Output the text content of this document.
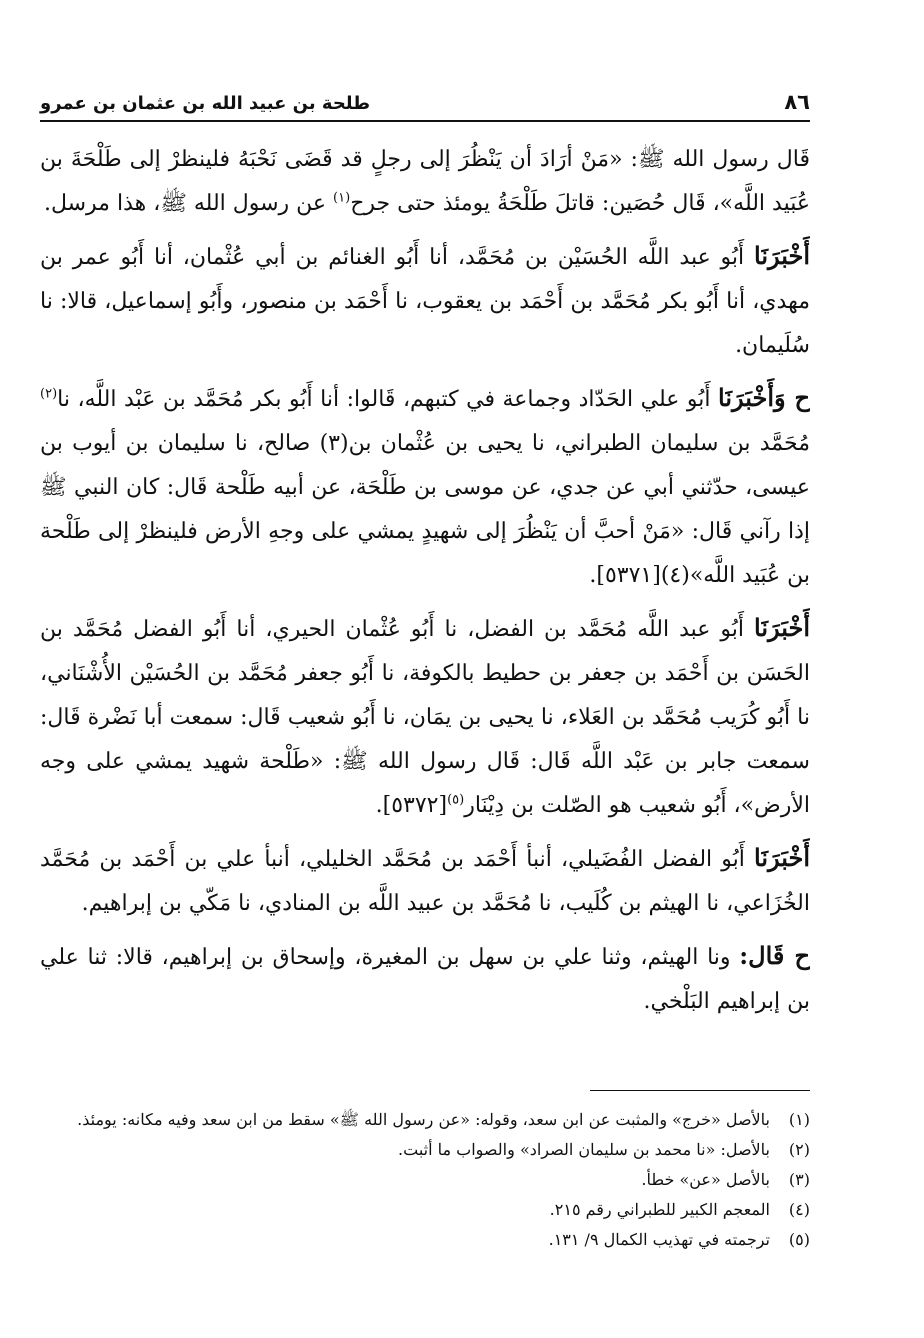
٨٦
طلحة بن عبيد الله بن عثمان بن عمرو

قَال رسول الله ﷺ: «مَنْ أرَادَ أن يَنْظُرَ إلى رجلٍ قد قَضَى نَحْبَهُ فلينظرْ إلى طَلْحَةَ بن عُبَيد اللَّه»، قَال حُصَين: قاتلَ طَلْحَةُ يومئذ حتى جرح$^{(١)}$ عن رسول الله ﷺ، هذا مرسل.

أَخْبَرَنَا أَبُو عبد اللَّه الحُسَيْن بن مُحَمَّد، أنا أَبُو الغنائم بن أبي عُثْمان، أنا أَبُو عمر بن مهدي، أنا أَبُو بكر مُحَمَّد بن أَحْمَد بن يعقوب، نا أَحْمَد بن منصور، وأَبُو إسماعيل، قالا: نا سُلَيمان.

ح وَأَخْبَرَنَا أَبُو علي الحَدّاد وجماعة في كتبهم، قَالوا: أنا أَبُو بكر مُحَمَّد بن عَبْد اللَّه، نا$^{(٢)}$ مُحَمَّد بن سليمان الطبراني، نا يحيى بن عُثْمان بن(٣) صالح، نا سليمان بن أيوب بن عيسى، حدّثني أبي عن جدي، عن موسى بن طَلْحَة، عن أبيه طَلْحة قَال: كان النبي ﷺ إذا رآني قَال: «مَنْ أحبَّ أن يَنْظُرَ إلى شهيدٍ يمشي على وجهِ الأرض فلينظرْ إلى طَلْحة بن عُبَيد اللَّه»(٤)[٥٣٧١].

أَخْبَرَنَا أَبُو عبد اللَّه مُحَمَّد بن الفضل، نا أَبُو عُثْمان الحيري، أنا أَبُو الفضل مُحَمَّد بن الحَسَن بن أَحْمَد بن جعفر بن حطيط بالكوفة، نا أَبُو جعفر مُحَمَّد بن الحُسَيْن الأُشْنَاني، نا أَبُو كُرَيب مُحَمَّد بن العَلاء، نا يحيى بن يمَان، نا أَبُو شعيب قَال: سمعت أبا نَضْرة قَال: سمعت جابر بن عَبْد اللَّه قَال: قَال رسول الله ﷺ: «طَلْحة شهيد يمشي على وجه الأرض»، أَبُو شعيب هو الصّلت بن دِيْنَار$^{(٥)}$[٥٣٧٢].

أَخْبَرَنَا أَبُو الفضل الفُضَيلي، أنبأ أَحْمَد بن مُحَمَّد الخليلي، أنبأ علي بن أَحْمَد بن مُحَمَّد الخُزَاعي، نا الهيثم بن كُلَيب، نا مُحَمَّد بن عبيد اللَّه بن المنادي، نا مَكّي بن إبراهيم.

ح قَال: ونا الهيثم، وثنا علي بن سهل بن المغيرة، وإسحاق بن إبراهيم، قالا: ثنا علي بن إبراهيم البَلْخي.

(١)بالأصل «خرج» والمثبت عن ابن سعد، وقوله: «عن رسول الله ﷺ» سقط من ابن سعد وفيه مكانه: يومئذ.

(٢)بالأصل: «نا محمد بن سليمان الصراد» والصواب ما أثبت.

(٣)بالأصل «عن» خطأ.

(٤)المعجم الكبير للطبراني رقم ٢١٥.

(٥)ترجمته في تهذيب الكمال ٩/ ١٣١.
